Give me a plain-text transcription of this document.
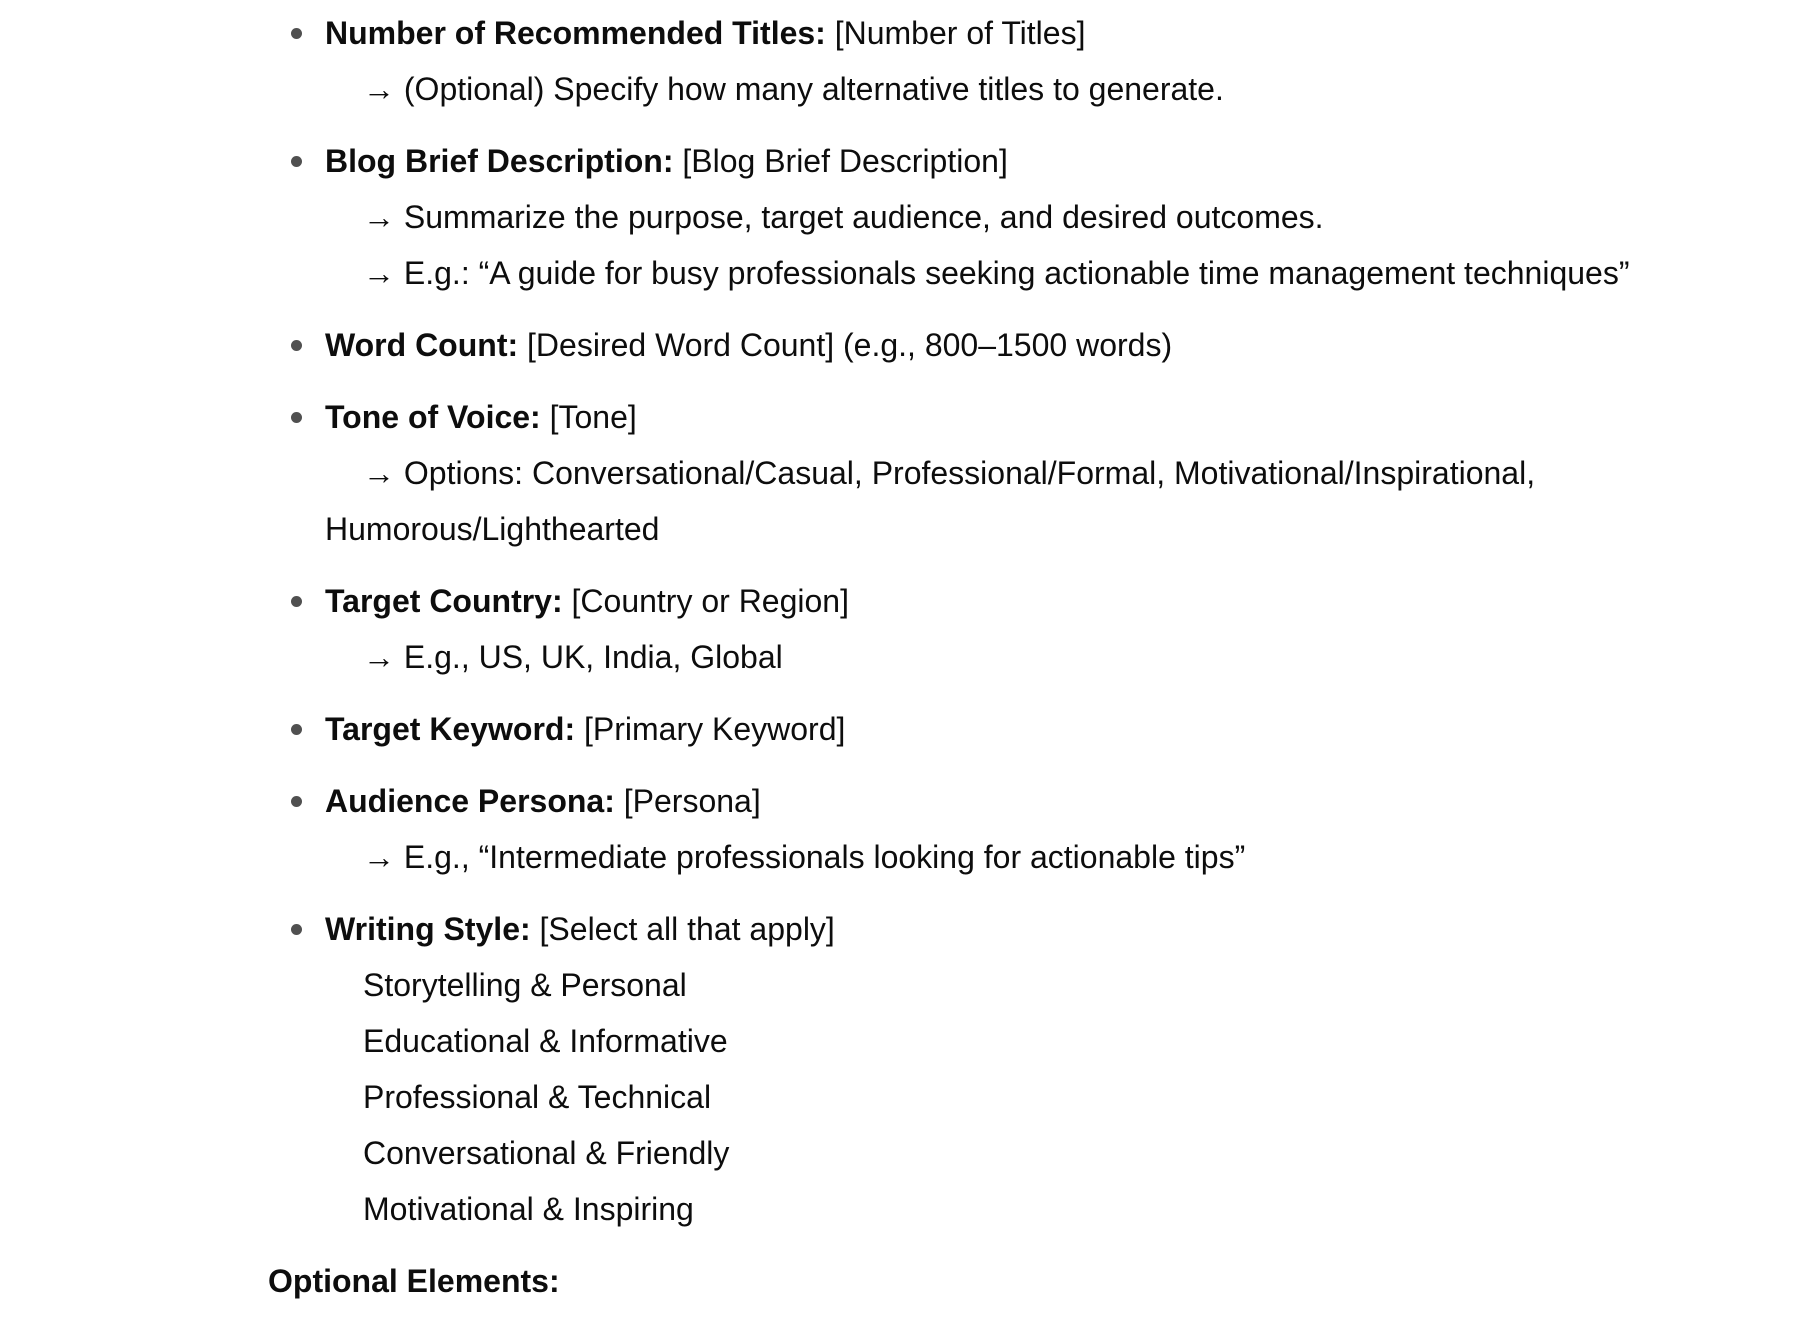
Number of Recommended Titles: [Number of Titles]

→ (Optional) Specify how many alternative titles to generate.

Blog Brief Description: [Blog Brief Description]

→ Summarize the purpose, target audience, and desired outcomes.

→ E.g.: “A guide for busy professionals seeking actionable time management techniques”

Word Count: [Desired Word Count] (e.g., 800–1500 words)

Tone of Voice: [Tone]

→ Options: Conversational/Casual, Professional/Formal, Motivational/Inspirational, Humorous/Lighthearted

Target Country: [Country or Region]

→ E.g., US, UK, India, Global

Target Keyword: [Primary Keyword]

Audience Persona: [Persona]

→ E.g., “Intermediate professionals looking for actionable tips”

Writing Style: [Select all that apply]

Storytelling & Personal

Educational & Informative

Professional & Technical

Conversational & Friendly

Motivational & Inspiring

Optional Elements:
